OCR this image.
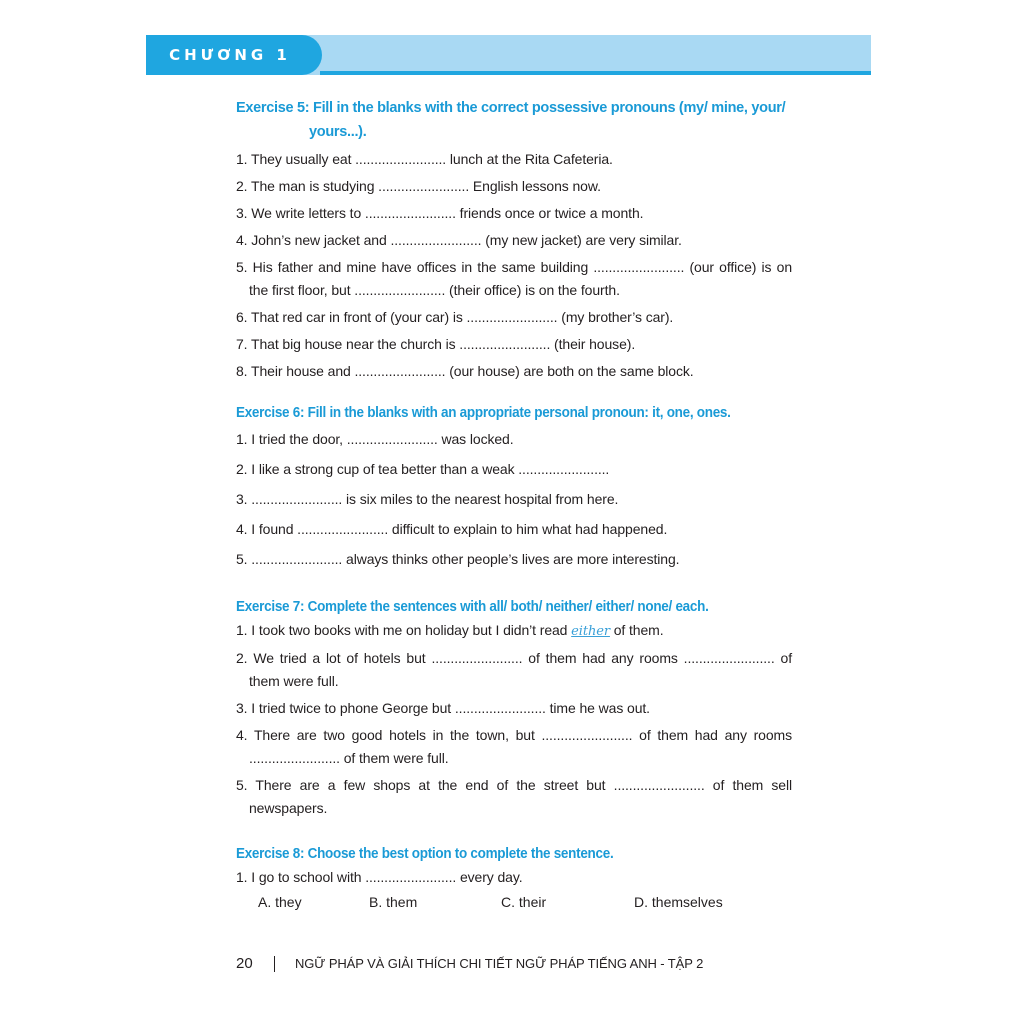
CHƯƠNG 1
Exercise 5: Fill in the blanks with the correct possessive pronouns (my/ mine, your/
yours...).
1. They usually eat ........................ lunch at the Rita Cafeteria.
2. The man is studying ........................ English lessons now.
3. We write letters to ........................ friends once or twice a month.
4. John’s new jacket and ........................ (my new jacket) are very similar.
5. His father and mine have offices in the same building ........................ (our office) is on the first floor, but ........................ (their office) is on the fourth.
6. That red car in front of (your car) is ........................ (my brother’s car).
7. That big house near the church is ........................ (their house).
8. Their house and ........................ (our house) are both on the same block.
Exercise 6: Fill in the blanks with an appropriate personal pronoun: it, one, ones.
1. I tried the door, ........................ was locked.
2. I like a strong cup of tea better than a weak ........................
3. ........................ is six miles to the nearest hospital from here.
4. I found ........................ difficult to explain to him what had happened.
5. ........................ always thinks other people’s lives are more interesting.
Exercise 7: Complete the sentences with all/ both/ neither/ either/ none/ each.
1. I took two books with me on holiday but I didn’t read either of them.
2. We tried a lot of hotels but ........................ of them had any rooms ........................ of them were full.
3. I tried twice to phone George but ........................ time he was out.
4. There are two good hotels in the town, but ........................ of them had any rooms ........................ of them were full.
5. There are a few shops at the end of the street but ........................ of them sell newspapers.
Exercise 8: Choose the best option to complete the sentence.
1. I go to school with ........................ every day.
A. they	B. them	C. their	D. themselves
20	NGỮ PHÁP VÀ GIẢI THÍCH CHI TIẾT NGỮ PHÁP TIẾNG ANH - TẬP 2
